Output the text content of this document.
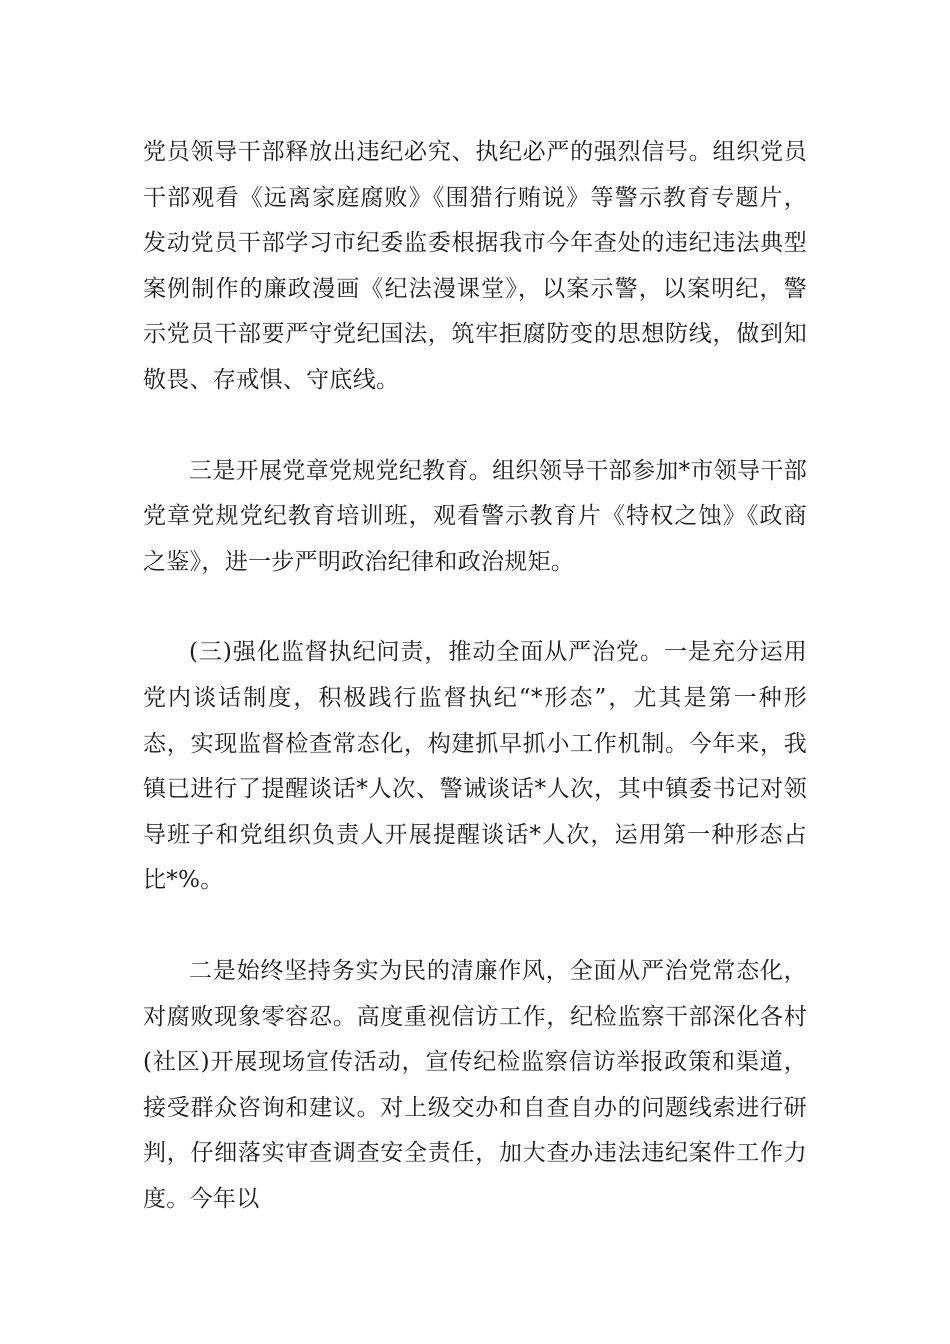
党员领导干部释放出违纪必究、执纪必严的强烈信号。组织党员干部观看《远离家庭腐败》《围猎行贿说》等警示教育专题片，发动党员干部学习市纪委监委根据我市今年查处的违纪违法典型案例制作的廉政漫画《纪法漫课堂》，以案示警，以案明纪，警示党员干部要严守党纪国法，筑牢拒腐防变的思想防线，做到知敬畏、存戒惧、守底线。

三是开展党章党规党纪教育。组织领导干部参加*市领导干部党章党规党纪教育培训班，观看警示教育片《特权之蚀》《政商之鉴》，进一步严明政治纪律和政治规矩。

(三)强化监督执纪问责，推动全面从严治党。一是充分运用党内谈话制度，积极践行监督执纪“*形态”，尤其是第一种形态，实现监督检查常态化，构建抓早抓小工作机制。今年来，我镇已进行了提醒谈话*人次、警诫谈话*人次，其中镇委书记对领导班子和党组织负责人开展提醒谈话*人次，运用第一种形态占比*%。

二是始终坚持务实为民的清廉作风，全面从严治党常态化，对腐败现象零容忍。高度重视信访工作，纪检监察干部深化各村(社区)开展现场宣传活动，宣传纪检监察信访举报政策和渠道，接受群众咨询和建议。对上级交办和自查自办的问题线索进行研判，仔细落实审查调查安全责任，加大查办违法违纪案件工作力度。今年以
